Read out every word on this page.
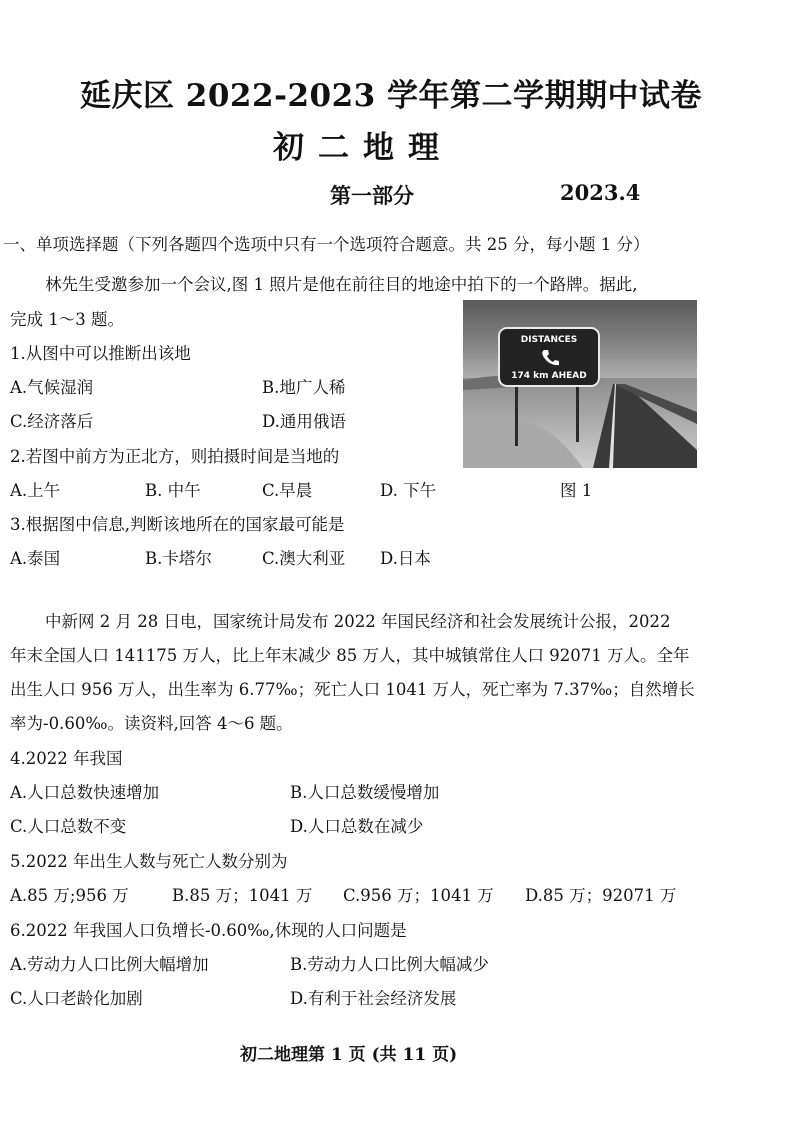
延庆区 2022-2023 学年第二学期期中试卷
初二地理
第一部分	2023.4
一、单项选择题（下列各题四个选项中只有一个选项符合题意。共 25 分，每小题 1 分）
林先生受邀参加一个会议,图 1 照片是他在前往目的地途中拍下的一个路牌。据此,
完成 1～3 题。
DISTANCES
174 km AHEAD
图 1
1.从图中可以推断出该地
A.气候湿润	B.地广人稀
C.经济落后	D.通用俄语
2.若图中前方为正北方，则拍摄时间是当地的
A.上午	B. 中午	C.早晨	D. 下午
3.根据图中信息,判断该地所在的国家最可能是
A.泰国	B.卡塔尔	C.澳大利亚 D.日本
中新网 2 月 28 日电，国家统计局发布 2022 年国民经济和社会发展统计公报，2022
年末全国人口 141175 万人，比上年末减少 85 万人，其中城镇常住人口 92071 万人。全年
出生人口 956 万人，出生率为 6.77‰；死亡人口 1041 万人，死亡率为 7.37‰；自然增长
率为-0.60‰。读资料,回答 4～6 题。
4.2022 年我国
A.人口总数快速增加	B.人口总数缓慢增加
C.人口总数不变	D.人口总数在减少
5.2022 年出生人数与死亡人数分别为
A.85 万;956 万	B.85 万；1041 万 C.956 万；1041 万 D.85 万；92071 万
6.2022 年我国人口负增长-0.60‰,休现的人口问题是
A.劳动力人口比例大幅增加	B.劳动力人口比例大幅减少
C.人口老龄化加剧	D.有利于社会经济发展
初二地理第 1 页 (共 11 页)
